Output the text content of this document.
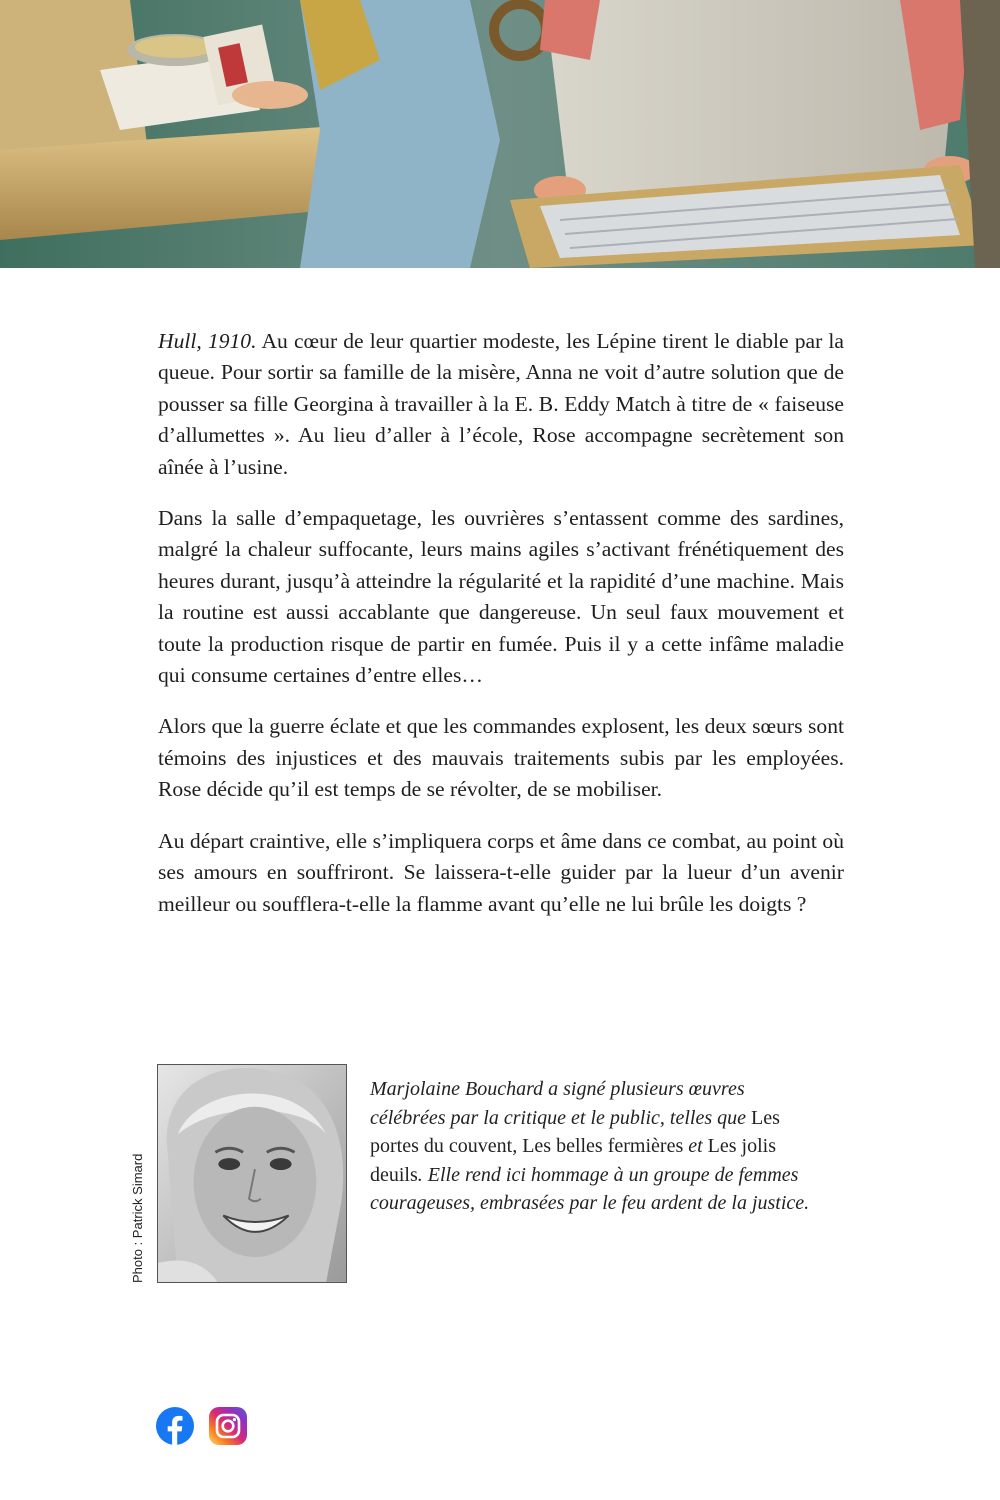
Hull, 1910. Au cœur de leur quartier modeste, les Lépine tirent le diable par la queue. Pour sortir sa famille de la misère, Anna ne voit d’autre solution que de pousser sa fille Georgina à travailler à la E. B. Eddy Match à titre de « faiseuse d’allumettes ». Au lieu d’aller à l’école, Rose accompagne secrètement son aînée à l’usine.

Dans la salle d’empaquetage, les ouvrières s’entassent comme des sardines, malgré la chaleur suffocante, leurs mains agiles s’activant frénétiquement des heures durant, jusqu’à atteindre la régularité et la rapidité d’une machine. Mais la routine est aussi accablante que dangereuse. Un seul faux mouvement et toute la production risque de partir en fumée. Puis il y a cette infâme maladie qui consume certaines d’entre elles…

Alors que la guerre éclate et que les commandes explosent, les deux sœurs sont témoins des injustices et des mauvais traitements subis par les employées. Rose décide qu’il est temps de se révolter, de se mobiliser.

Au départ craintive, elle s’impliquera corps et âme dans ce combat, au point où ses amours en souffriront. Se laissera-t-elle guider par la lueur d’un avenir meilleur ou soufflera-t-elle la flamme avant qu’elle ne lui brûle les doigts ?

Photo : Patrick Simard
Marjolaine Bouchard a signé plusieurs œuvres célébrées par la critique et le public, telles que Les portes du couvent, Les belles fermières et Les jolis deuils. Elle rend ici hommage à un groupe de femmes courageuses, embrasées par le feu ardent de la justice.
